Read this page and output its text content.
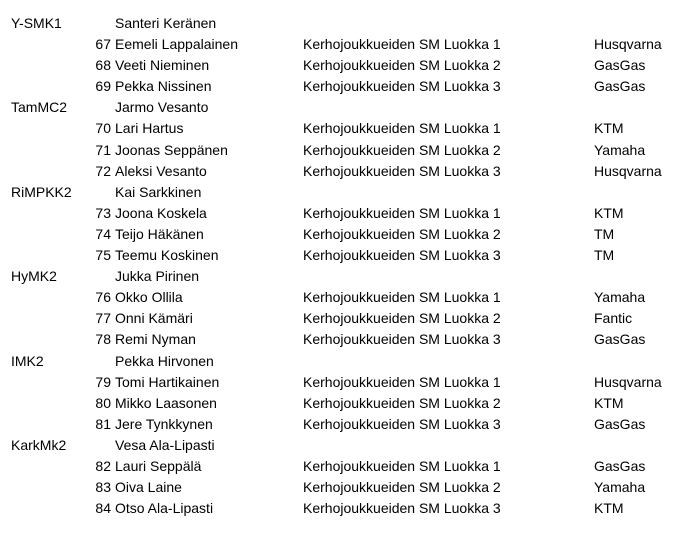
Y-SMK1	Santeri Keränen
67 Eemeli Lappalainen	Kerhojoukkueiden SM Luokka 1	Husqvarna
68 Veeti Nieminen	Kerhojoukkueiden SM Luokka 2	GasGas
69 Pekka Nissinen	Kerhojoukkueiden SM Luokka 3	GasGas
TamMC2	Jarmo Vesanto
70 Lari Hartus	Kerhojoukkueiden SM Luokka 1	KTM
71 Joonas Seppänen	Kerhojoukkueiden SM Luokka 2	Yamaha
72 Aleksi Vesanto	Kerhojoukkueiden SM Luokka 3	Husqvarna
RiMPKK2	Kai Sarkkinen
73 Joona Koskela	Kerhojoukkueiden SM Luokka 1	KTM
74 Teijo Häkänen	Kerhojoukkueiden SM Luokka 2	TM
75 Teemu Koskinen	Kerhojoukkueiden SM Luokka 3	TM
HyMK2	Jukka Pirinen
76 Okko Ollila	Kerhojoukkueiden SM Luokka 1	Yamaha
77 Onni Kämäri	Kerhojoukkueiden SM Luokka 2	Fantic
78 Remi Nyman	Kerhojoukkueiden SM Luokka 3	GasGas
IMK2	Pekka Hirvonen
79 Tomi Hartikainen	Kerhojoukkueiden SM Luokka 1	Husqvarna
80 Mikko Laasonen	Kerhojoukkueiden SM Luokka 2	KTM
81 Jere Tynkkynen	Kerhojoukkueiden SM Luokka 3	GasGas
KarkMk2	Vesa Ala-Lipasti
82 Lauri Seppälä	Kerhojoukkueiden SM Luokka 1	GasGas
83 Oiva Laine	Kerhojoukkueiden SM Luokka 2	Yamaha
84 Otso Ala-Lipasti	Kerhojoukkueiden SM Luokka 3	KTM
